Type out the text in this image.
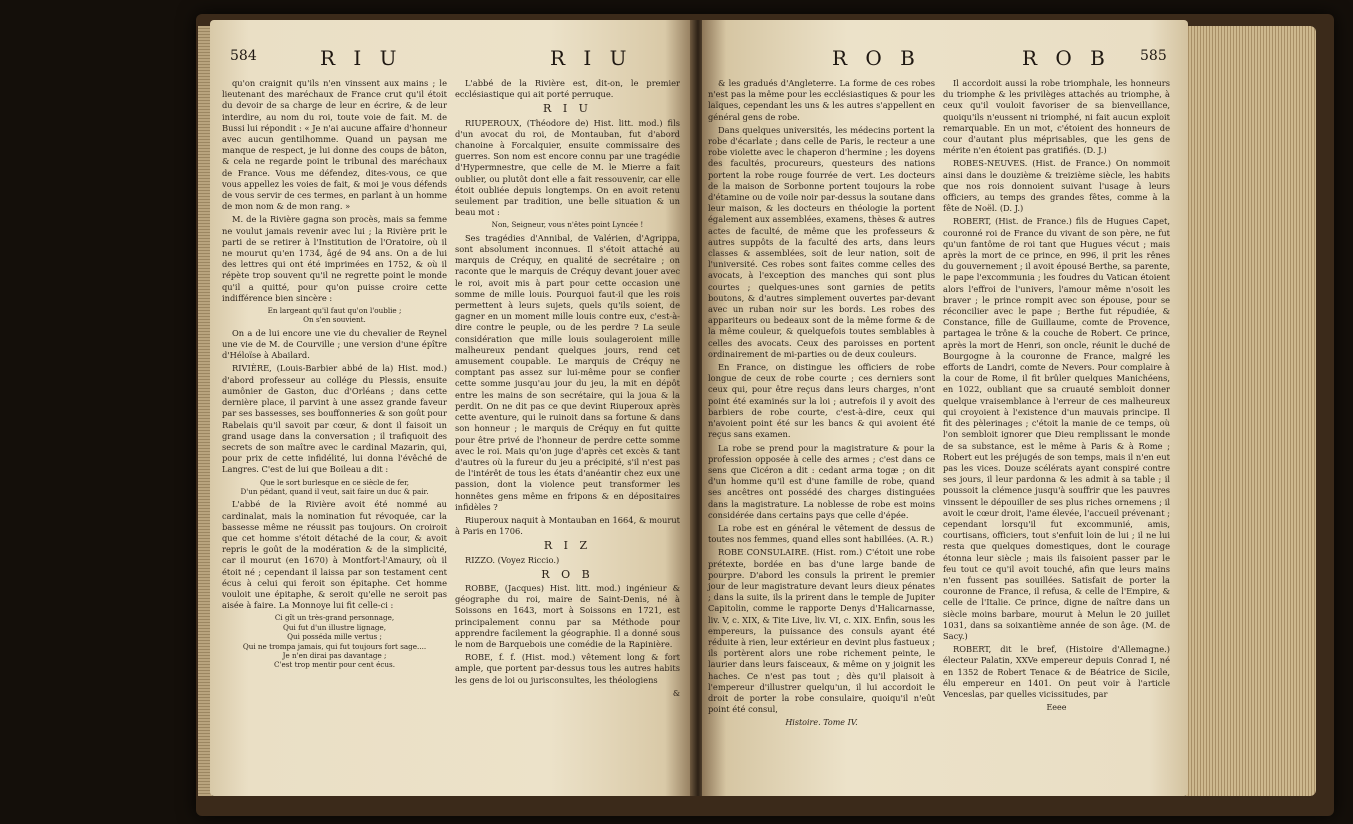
584	R I U	R I U

qu'on craignit qu'ils n'en vinssent aux mains ; le lieutenant des maréchaux de France crut qu'il étoit du devoir de sa charge de leur en écrire, & de leur interdire, au nom du roi, toute voie de fait. M. de Bussi lui répondit : « Je n'ai aucune affaire d'honneur avec aucun gentilhomme. Quand un paysan me manque de respect, je lui donne des coups de bâton, & cela ne regarde point le tribunal des maréchaux de France. Vous me défendez, dites-vous, ce que vous appellez les voies de fait, & moi je vous défends de vous servir de ces termes, en parlant à un homme de mon nom & de mon rang. »

M. de la Rivière gagna son procès, mais sa femme ne voulut jamais revenir avec lui ; la Rivière prit le parti de se retirer à l'Institution de l'Oratoire, où il ne mourut qu'en 1734, âgé de 94 ans. On a de lui des lettres qui ont été imprimées en 1752, & où il répète trop souvent qu'il ne regrette point le monde qu'il a quitté, pour qu'on puisse croire cette indifférence bien sincère :

En largeant qu'il faut qu'on l'oublie ;
On s'en souvient.

On a de lui encore une vie du chevalier de Reynel une vie de M. de Courville ; une version d'une épître d'Héloïse à Abailard.

RIVIÈRE, (Louis-Barbier abbé de la) Hist. mod.) d'abord professeur au collége du Plessis, ensuite aumônier de Gaston, duc d'Orléans ; dans cette dernière place, il parvint à une assez grande faveur par ses bassesses, ses bouffonneries & son goût pour Rabelais qu'il savoit par cœur, & dont il faisoit un grand usage dans la conversation ; il trafiquoit des secrets de son maître avec le cardinal Mazarin, qui, pour prix de cette infidélité, lui donna l'évêché de Langres. C'est de lui que Boileau a dit :

Que le sort burlesque en ce siècle de fer,
D'un pédant, quand il veut, sait faire un duc & pair.

L'abbé de la Rivière avoit été nommé au cardinalat, mais la nomination fut révoquée, car la bassesse même ne réussit pas toujours. On croiroit que cet homme s'étoit détaché de la cour, & avoit repris le goût de la modération & de la simplicité, car il mourut (en 1670) à Montfort-l'Amaury, où il étoit né ; cependant il laissa par son testament cent écus à celui qui feroit son épitaphe. Cet homme vouloit une épitaphe, & seroit qu'elle ne seroit pas aisée à faire. La Monnoye lui fit celle-ci :

Ci gît un très-grand personnage,
Qui fut d'un illustre lignage,
Qui posséda mille vertus ;
Qui ne trompa jamais, qui fut toujours fort sage....
Je n'en dirai pas davantage ;
C'est trop mentir pour cent écus.

L'abbé de la Rivière est, dit-on, le premier ecclésiastique qui ait porté perruque.

R I U

RIUPEROUX, (Théodore de) Hist. litt. mod.) fils d'un avocat du roi, de Montauban, fut d'abord chanoine à Forcalquier, ensuite commissaire des guerres. Son nom est encore connu par une tragédie d'Hypermnestre, que celle de M. le Mierre a fait oublier, ou plutôt dont elle a fait ressouvenir, car elle étoit oubliée depuis longtemps. On en avoit retenu seulement par tradition, une belle situation & un beau mot :

Non, Seigneur, vous n'êtes point Lyncée !

Ses tragédies d'Annibal, de Valérien, d'Agrippa, sont absolument inconnues. Il s'étoit attaché au marquis de Créquy, en qualité de secrétaire ; on raconte que le marquis de Créquy devant jouer avec le roi, avoit mis à part pour cette occasion une somme de mille louis. Pourquoi faut-il que les rois permettent à leurs sujets, quels qu'ils soient, de gagner en un moment mille louis contre eux, c'est-à-dire contre le peuple, ou de les perdre ? La seule considération que mille louis soulageroient mille malheureux pendant quelques jours, rend cet amusement coupable. Le marquis de Créquy ne comptant pas assez sur lui-même pour se confier cette somme jusqu'au jour du jeu, la mit en dépôt entre les mains de son secrétaire, qui la joua & la perdit. On ne dit pas ce que devint Riuperoux après cette aventure, qui le ruinoit dans sa fortune & dans son honneur ; le marquis de Créquy en fut quitte pour être privé de l'honneur de perdre cette somme avec le roi. Mais qu'on juge d'après cet excès & tant d'autres où la fureur du jeu a précipité, s'il n'est pas de l'intérêt de tous les états d'anéantir chez eux une passion, dont la violence peut transformer les honnêtes gens même en fripons & en dépositaires infidèles ?

Riuperoux naquit à Montauban en 1664, & mourut à Paris en 1706.

R I Z

RIZZO. (Voyez Riccio.)

R O B

ROBBE, (Jacques) Hist. litt. mod.) ingénieur & géographe du roi, maire de Saint-Denis, né à Soissons en 1643, mort à Soissons en 1721, est principalement connu par sa Méthode pour apprendre facilement la géographie. Il a donné sous le nom de Barquebois une comédie de la Rapinière.

ROBE, f. f. (Hist. mod.) vêtement long & fort ample, que portent par-dessus tous les autres habits les gens de loi ou jurisconsultes, les théologiens

&
R O B	R O B 585

& les gradués d'Angleterre. La forme de ces robes n'est pas la même pour les ecclésiastiques & pour les laïques, cependant les uns & les autres s'appellent en général gens de robe.

Dans quelques universités, les médecins portent la robe d'écarlate ; dans celle de Paris, le recteur a une robe violette avec le chaperon d'hermine ; les doyens des facultés, procureurs, questeurs des nations portent la robe rouge fourrée de vert. Les docteurs de la maison de Sorbonne portent toujours la robe d'étamine ou de voile noir par-dessus la soutane dans leur maison, & les docteurs en théologie la portent également aux assemblées, examens, thèses & autres actes de faculté, de même que les professeurs & autres suppôts de la faculté des arts, dans leurs classes & assemblées, soit de leur nation, soit de l'université. Ces robes sont faites comme celles des avocats, à l'exception des manches qui sont plus courtes ; quelques-unes sont garnies de petits boutons, & d'autres simplement ouvertes par-devant avec un ruban noir sur les bords. Les robes des appariteurs ou bedeaux sont de la même forme & de la même couleur, & quelquefois toutes semblables à celles des avocats. Ceux des paroisses en portent ordinairement de mi-parties ou de deux couleurs.

En France, on distingue les officiers de robe longue de ceux de robe courte ; ces derniers sont ceux qui, pour être reçus dans leurs charges, n'ont point été examinés sur la loi ; autrefois il y avoit des barbiers de robe courte, c'est-à-dire, ceux qui n'avoient point été sur les bancs & qui avoient été reçus sans examen.

La robe se prend pour la magistrature & pour la profession opposée à celle des armes ; c'est dans ce sens que Cicéron a dit : cedant arma togæ ; on dit d'un homme qu'il est d'une famille de robe, quand ses ancêtres ont possédé des charges distinguées dans la magistrature. La noblesse de robe est moins considérée dans certains pays que celle d'épée.

La robe est en général le vêtement de dessus de toutes nos femmes, quand elles sont habillées. (A. R.)

ROBE CONSULAIRE. (Hist. rom.) C'étoit une robe prétexte, bordée en bas d'une large bande de pourpre. D'abord les consuls la prirent le premier jour de leur magistrature devant leurs dieux pénates ; dans la suite, ils la prirent dans le temple de Jupiter Capitolin, comme le rapporte Denys d'Halicarnasse, liv. V, c. XIX, & Tite Live, liv. VI, c. XIX. Enfin, sous les empereurs, la puissance des consuls ayant été réduite à rien, leur extérieur en devint plus fastueux ; ils portèrent alors une robe richement peinte, le laurier dans leurs faisceaux, & même on y joignit les haches. Ce n'est pas tout ; dès qu'il plaisoit à l'empereur d'illustrer quelqu'un, il lui accordoit le droit de porter la robe consulaire, quoiqu'il n'eût point été consul,

Histoire. Tome IV.

Il accordoit aussi la robe triomphale, les honneurs du triomphe & les privilèges attachés au triomphe, à ceux qu'il vouloit favoriser de sa bienveillance, quoiqu'ils n'eussent ni triomphé, ni fait aucun exploit remarquable. En un mot, c'étoient des honneurs de cour d'autant plus méprisables, que les gens de mérite n'en étoient pas gratifiés. (D. J.)

ROBES-NEUVES. (Hist. de France.) On nommoit ainsi dans le douzième & treizième siècle, les habits que nos rois donnoient suivant l'usage à leurs officiers, au temps des grandes fêtes, comme à la fête de Noël. (D. J.)

ROBERT, (Hist. de France.) fils de Hugues Capet, couronné roi de France du vivant de son père, ne fut qu'un fantôme de roi tant que Hugues vécut ; mais après la mort de ce prince, en 996, il prit les rênes du gouvernement ; il avoit épousé Berthe, sa parente, le pape l'excommunia ; les foudres du Vatican étoient alors l'effroi de l'univers, l'amour même n'osoit les braver ; le prince rompit avec son épouse, pour se réconcilier avec le pape ; Berthe fut répudiée, & Constance, fille de Guillaume, comte de Provence, partagea le trône & la couche de Robert. Ce prince, après la mort de Henri, son oncle, réunit le duché de Bourgogne à la couronne de France, malgré les efforts de Landri, comte de Nevers. Pour complaire à la cour de Rome, il fit brûler quelques Manichéens, en 1022, oubliant que sa cruauté sembloit donner quelque vraisemblance à l'erreur de ces malheureux qui croyoient à l'existence d'un mauvais principe. Il fit des pèlerinages ; c'étoit la manie de ce temps, où l'on sembloit ignorer que Dieu remplissant le monde de sa substance, est le même à Paris & à Rome ; Robert eut les préjugés de son temps, mais il n'en eut pas les vices. Douze scélérats ayant conspiré contre ses jours, il leur pardonna & les admit à sa table ; il poussoit la clémence jusqu'à souffrir que les pauvres vinssent le dépouiller de ses plus riches ornemens ; il avoit le cœur droit, l'ame élevée, l'accueil prévenant ; cependant lorsqu'il fut excommunié, amis, courtisans, officiers, tout s'enfuit loin de lui ; il ne lui resta que quelques domestiques, dont le courage étonna leur siècle ; mais ils faisoient passer par le feu tout ce qu'il avoit touché, afin que leurs mains n'en fussent pas souillées. Satisfait de porter la couronne de France, il refusa, & celle de l'Empire, & celle de l'Italie. Ce prince, digne de naître dans un siècle moins barbare, mourut à Melun le 20 juillet 1031, dans sa soixantième année de son âge. (M. de Sacy.)

ROBERT, dit le bref, (Histoire d'Allemagne.) électeur Palatin, XXVe empereur depuis Conrad I, né en 1352 de Robert Tenace & de Béatrice de Sicile, élu empereur en 1401. On peut voir à l'article Venceslas, par quelles vicissitudes, par

Eeee
